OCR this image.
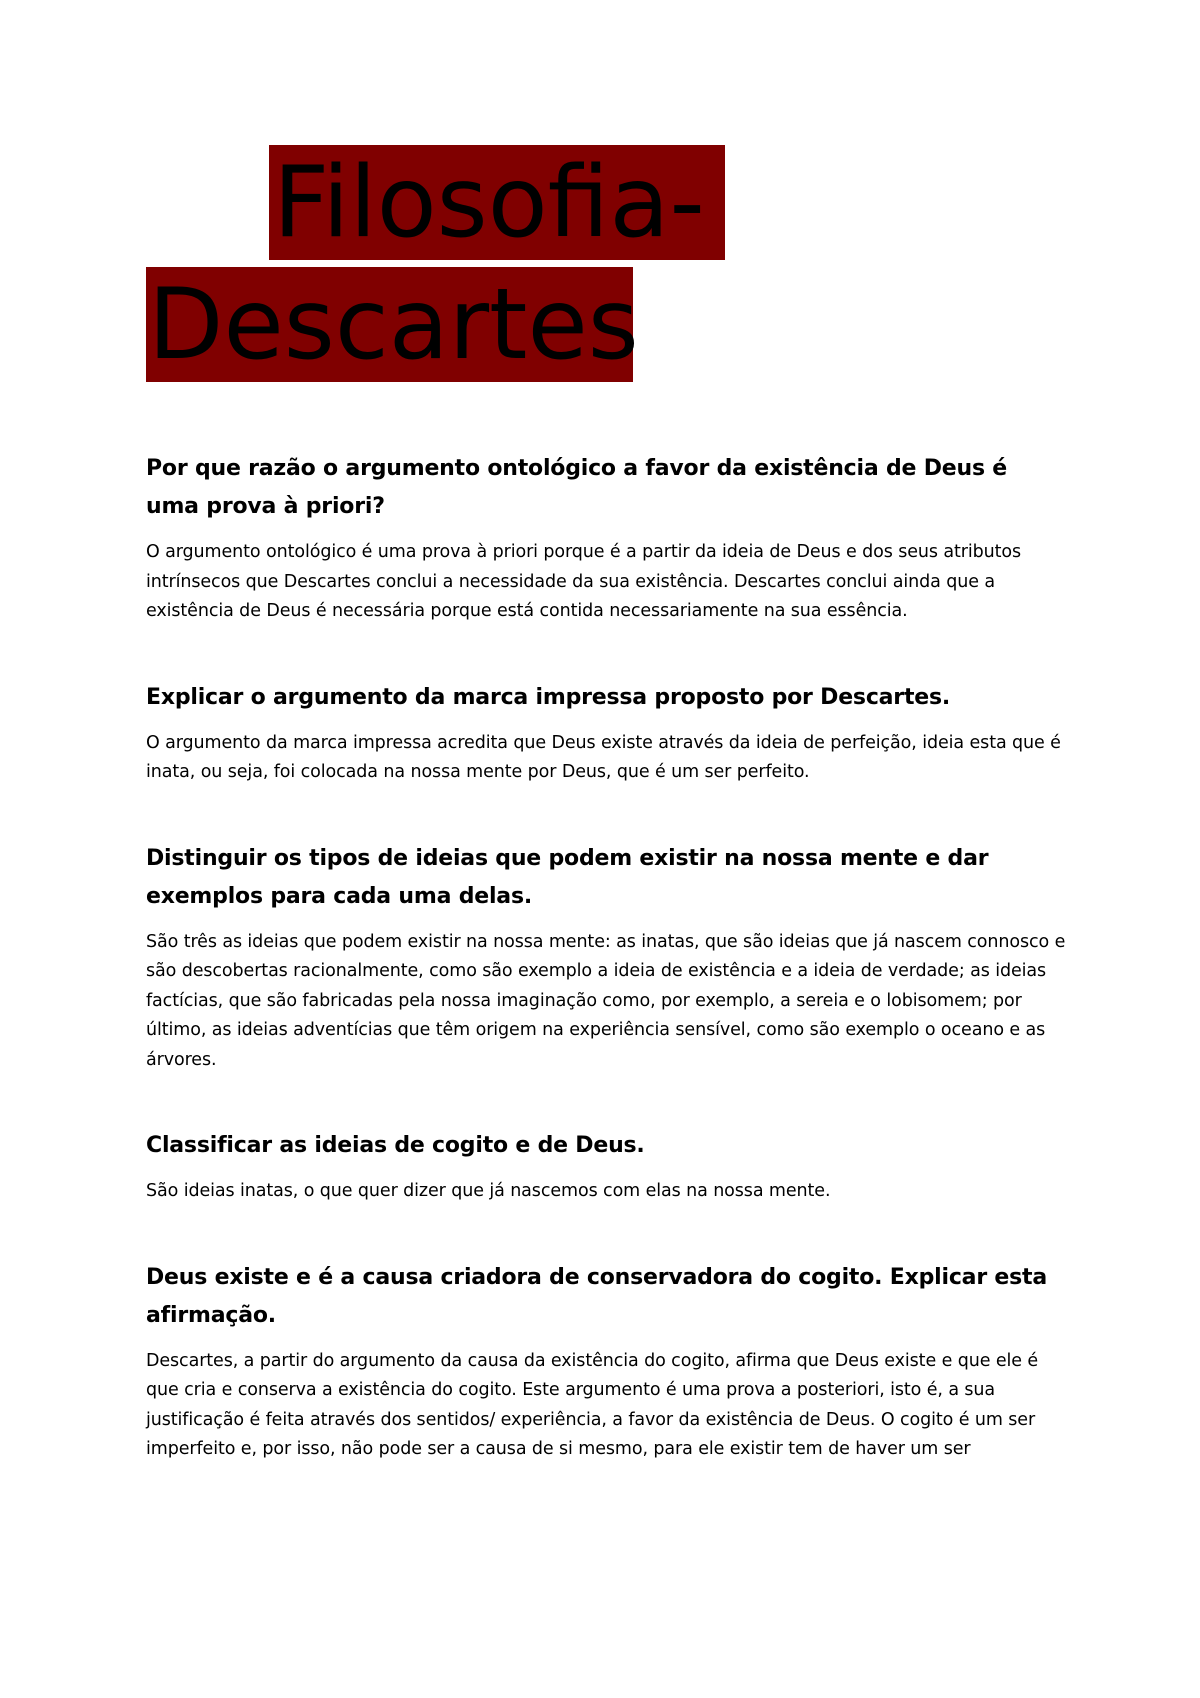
Filosofia-
Descartes

Por que razão o argumento ontológico a favor da existência de Deus é uma prova à priori?

O argumento ontológico é uma prova à priori porque é a partir da ideia de Deus e dos seus atributos intrínsecos que Descartes conclui a necessidade da sua existência. Descartes conclui ainda que a existência de Deus é necessária porque está contida necessariamente na sua essência.

Explicar o argumento da marca impressa proposto por Descartes.

O argumento da marca impressa acredita que Deus existe através da ideia de perfeição, ideia esta que é inata, ou seja, foi colocada na nossa mente por Deus, que é um ser perfeito.

Distinguir os tipos de ideias que podem existir na nossa mente e dar exemplos para cada uma delas.

São três as ideias que podem existir na nossa mente: as inatas, que são ideias que já nascem connosco e são descobertas racionalmente, como são exemplo a ideia de existência e a ideia de verdade; as ideias factícias, que são fabricadas pela nossa imaginação como, por exemplo, a sereia e o lobisomem; por último, as ideias adventícias que têm origem na experiência sensível, como são exemplo o oceano e as árvores.

Classificar as ideias de cogito e de Deus.

São ideias inatas, o que quer dizer que já nascemos com elas na nossa mente.

Deus existe e é a causa criadora de conservadora do cogito. Explicar esta afirmação.

Descartes, a partir do argumento da causa da existência do cogito, afirma que Deus existe e que ele é que cria e conserva a existência do cogito. Este argumento é uma prova a posteriori, isto é, a sua justificação é feita através dos sentidos/ experiência, a favor da existência de Deus. O cogito é um ser imperfeito e, por isso, não pode ser a causa de si mesmo, para ele existir tem de haver um ser
